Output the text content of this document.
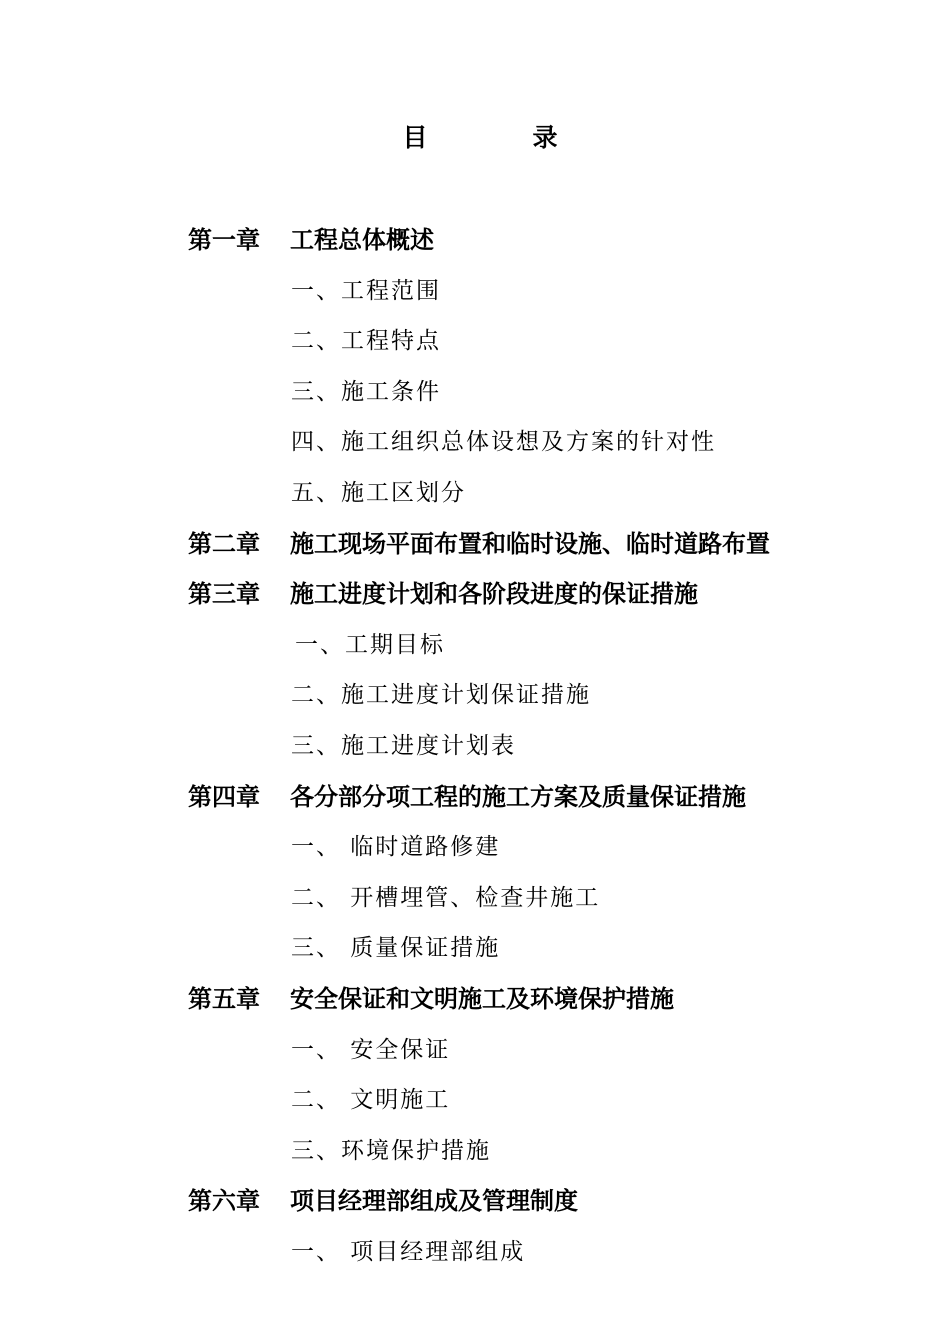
目　录
第一章 工程总体概述
一、工程范围
二、工程特点
三、施工条件
四、施工组织总体设想及方案的针对性
五、施工区划分
第二章 施工现场平面布置和临时设施、临时道路布置
第三章 施工进度计划和各阶段进度的保证措施
一、工期目标
二、施工进度计划保证措施
三、施工进度计划表
第四章 各分部分项工程的施工方案及质量保证措施
一、 临时道路修建
二、 开槽埋管、检查井施工
三、 质量保证措施
第五章 安全保证和文明施工及环境保护措施
一、 安全保证
二、 文明施工
三、环境保护措施
第六章 项目经理部组成及管理制度
一、 项目经理部组成
